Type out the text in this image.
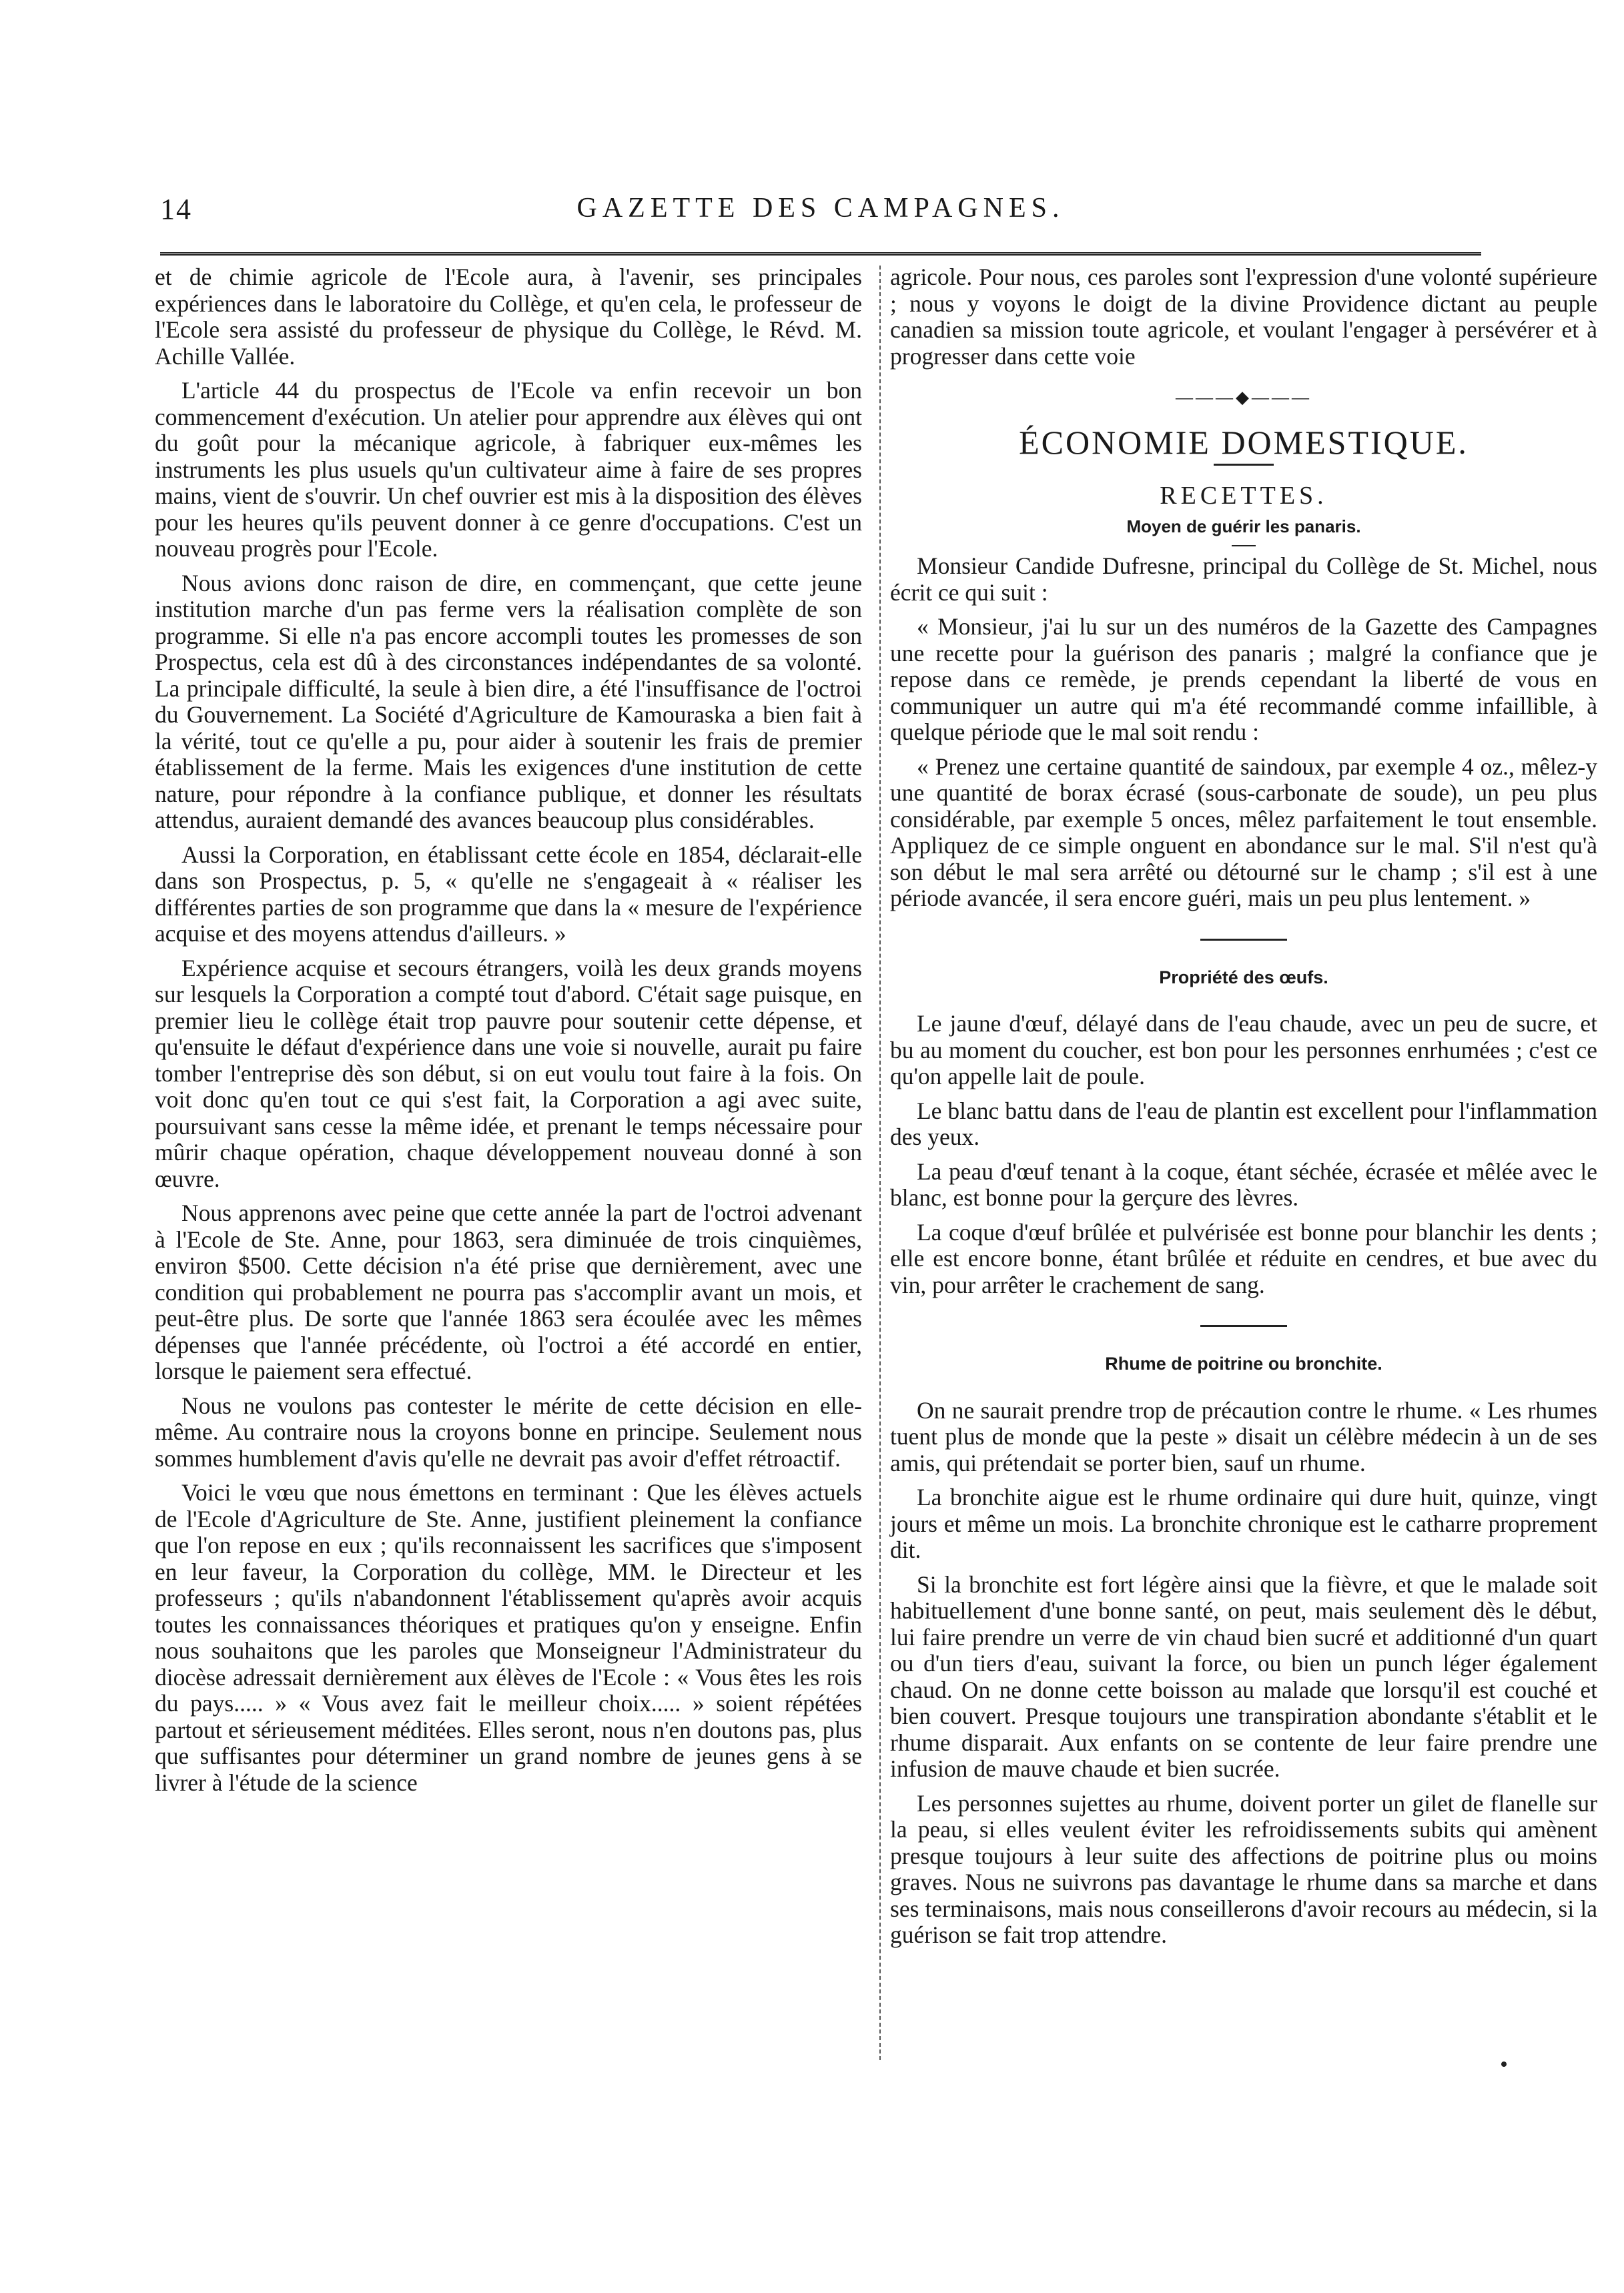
14	GAZETTE DES CAMPAGNES.

et de chimie agricole de l'Ecole aura, à l'avenir, ses principales expériences dans le laboratoire du Collège, et qu'en cela, le professeur de l'Ecole sera assisté du professeur de physique du Collège, le Révd. M. Achille Vallée.

L'article 44 du prospectus de l'Ecole va enfin recevoir un bon commencement d'exécution. Un atelier pour apprendre aux élèves qui ont du goût pour la mécanique agricole, à fabriquer eux-mêmes les instruments les plus usuels qu'un cultivateur aime à faire de ses propres mains, vient de s'ouvrir. Un chef ouvrier est mis à la disposition des élèves pour les heures qu'ils peuvent donner à ce genre d'occupations. C'est un nouveau progrès pour l'Ecole.

Nous avions donc raison de dire, en commençant, que cette jeune institution marche d'un pas ferme vers la réalisation complète de son programme. Si elle n'a pas encore accompli toutes les promesses de son Prospectus, cela est dû à des circonstances indépendantes de sa volonté. La principale difficulté, la seule à bien dire, a été l'insuffisance de l'octroi du Gouvernement. La Société d'Agriculture de Kamouraska a bien fait à la vérité, tout ce qu'elle a pu, pour aider à soutenir les frais de premier établissement de la ferme. Mais les exigences d'une institution de cette nature, pour répondre à la confiance publique, et donner les résultats attendus, auraient demandé des avances beaucoup plus considérables.

Aussi la Corporation, en établissant cette école en 1854, déclarait-elle dans son Prospectus, p. 5, « qu'elle ne s'engageait à « réaliser les différentes parties de son programme que dans la « mesure de l'expérience acquise et des moyens attendus d'ailleurs. »

Expérience acquise et secours étrangers, voilà les deux grands moyens sur lesquels la Corporation a compté tout d'abord. C'était sage puisque, en premier lieu le collège était trop pauvre pour soutenir cette dépense, et qu'ensuite le défaut d'expérience dans une voie si nouvelle, aurait pu faire tomber l'entreprise dès son début, si on eut voulu tout faire à la fois. On voit donc qu'en tout ce qui s'est fait, la Corporation a agi avec suite, poursuivant sans cesse la même idée, et prenant le temps nécessaire pour mûrir chaque opération, chaque développement nouveau donné à son œuvre.

Nous apprenons avec peine que cette année la part de l'octroi advenant à l'Ecole de Ste. Anne, pour 1863, sera diminuée de trois cinquièmes, environ $500. Cette décision n'a été prise que dernièrement, avec une condition qui probablement ne pourra pas s'accomplir avant un mois, et peut-être plus. De sorte que l'année 1863 sera écoulée avec les mêmes dépenses que l'année précédente, où l'octroi a été accordé en entier, lorsque le paiement sera effectué.

Nous ne voulons pas contester le mérite de cette décision en elle-même. Au contraire nous la croyons bonne en principe. Seulement nous sommes humblement d'avis qu'elle ne devrait pas avoir d'effet rétroactif.

Voici le vœu que nous émettons en terminant : Que les élèves actuels de l'Ecole d'Agriculture de Ste. Anne, justifient pleinement la confiance que l'on repose en eux ; qu'ils reconnaissent les sacrifices que s'imposent en leur faveur, la Corporation du collège, MM. le Directeur et les professeurs ; qu'ils n'abandonnent l'établissement qu'après avoir acquis toutes les connaissances théoriques et pratiques qu'on y enseigne. Enfin nous souhaitons que les paroles que Monseigneur l'Administrateur du diocèse adressait dernièrement aux élèves de l'Ecole : « Vous êtes les rois du pays..... » « Vous avez fait le meilleur choix..... » soient répétées partout et sérieusement méditées. Elles seront, nous n'en doutons pas, plus que suffisantes pour déterminer un grand nombre de jeunes gens à se livrer à l'étude de la science

agricole. Pour nous, ces paroles sont l'expression d'une volonté supérieure ; nous y voyons le doigt de la divine Providence dictant au peuple canadien sa mission toute agricole, et voulant l'engager à persévérer et à progresser dans cette voie

———◆———
ÉCONOMIE DOMESTIQUE.
RECETTES.
Moyen de guérir les panaris.

Monsieur Candide Dufresne, principal du Collège de St. Michel, nous écrit ce qui suit :

« Monsieur, j'ai lu sur un des numéros de la Gazette des Campagnes une recette pour la guérison des panaris ; malgré la confiance que je repose dans ce remède, je prends cependant la liberté de vous en communiquer un autre qui m'a été recommandé comme infaillible, à quelque période que le mal soit rendu :

« Prenez une certaine quantité de saindoux, par exemple 4 oz., mêlez-y une quantité de borax écrasé (sous-carbonate de soude), un peu plus considérable, par exemple 5 onces, mêlez parfaitement le tout ensemble. Appliquez de ce simple onguent en abondance sur le mal. S'il n'est qu'à son début le mal sera arrêté ou détourné sur le champ ; s'il est à une période avancée, il sera encore guéri, mais un peu plus lentement. »

Propriété des œufs.

Le jaune d'œuf, délayé dans de l'eau chaude, avec un peu de sucre, et bu au moment du coucher, est bon pour les personnes enrhumées ; c'est ce qu'on appelle lait de poule.

Le blanc battu dans de l'eau de plantin est excellent pour l'inflammation des yeux.

La peau d'œuf tenant à la coque, étant séchée, écrasée et mêlée avec le blanc, est bonne pour la gerçure des lèvres.

La coque d'œuf brûlée et pulvérisée est bonne pour blanchir les dents ; elle est encore bonne, étant brûlée et réduite en cendres, et bue avec du vin, pour arrêter le crachement de sang.

Rhume de poitrine ou bronchite.

On ne saurait prendre trop de précaution contre le rhume. « Les rhumes tuent plus de monde que la peste » disait un célèbre médecin à un de ses amis, qui prétendait se porter bien, sauf un rhume.

La bronchite aigue est le rhume ordinaire qui dure huit, quinze, vingt jours et même un mois. La bronchite chronique est le catharre proprement dit.

Si la bronchite est fort légère ainsi que la fièvre, et que le malade soit habituellement d'une bonne santé, on peut, mais seulement dès le début, lui faire prendre un verre de vin chaud bien sucré et additionné d'un quart ou d'un tiers d'eau, suivant la force, ou bien un punch léger également chaud. On ne donne cette boisson au malade que lorsqu'il est couché et bien couvert. Presque toujours une transpiration abondante s'établit et le rhume disparait. Aux enfants on se contente de leur faire prendre une infusion de mauve chaude et bien sucrée.

Les personnes sujettes au rhume, doivent porter un gilet de flanelle sur la peau, si elles veulent éviter les refroidissements subits qui amènent presque toujours à leur suite des affections de poitrine plus ou moins graves. Nous ne suivrons pas davantage le rhume dans sa marche et dans ses terminaisons, mais nous conseillerons d'avoir recours au médecin, si la guérison se fait trop attendre.
